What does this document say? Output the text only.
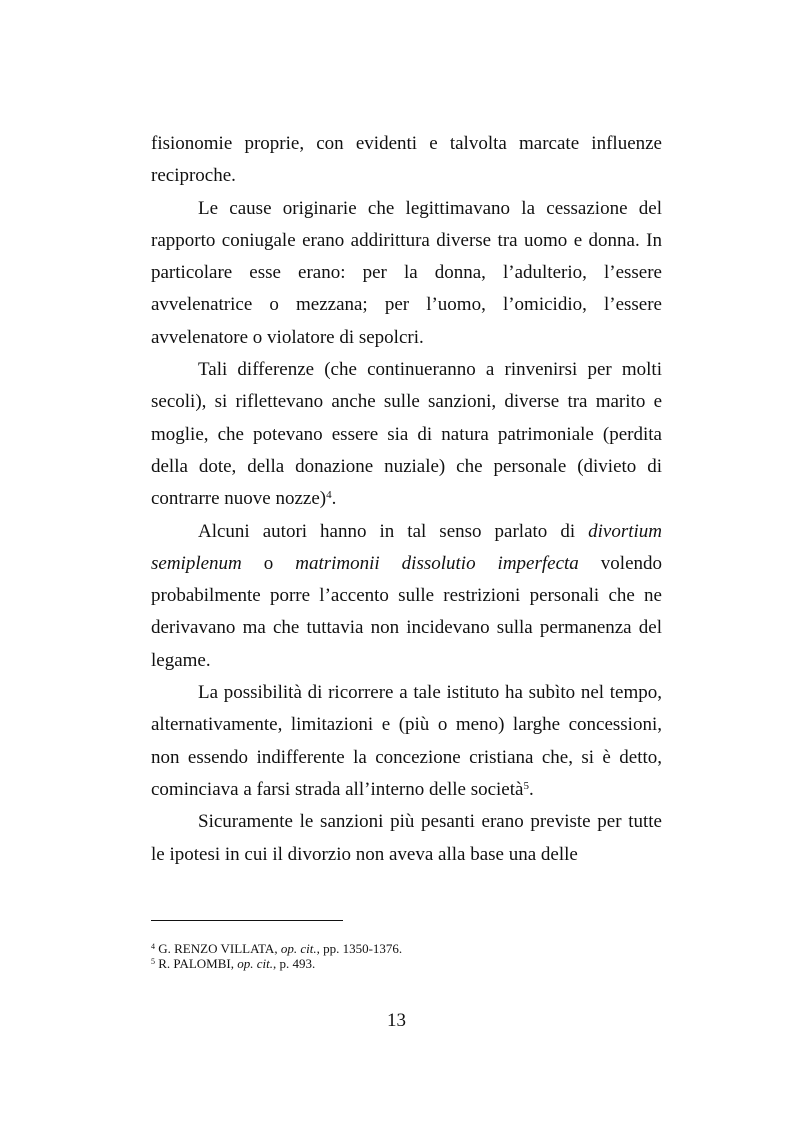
fisionomie proprie, con evidenti e talvolta marcate influenze reciproche.

Le cause originarie che legittimavano la cessazione del rapporto coniugale erano addirittura diverse tra uomo e donna. In particolare esse erano: per la donna, l’adulterio, l’essere avvelenatrice o mezzana; per l’uomo, l’omicidio, l’essere avvelenatore o violatore di sepolcri.

Tali differenze (che continueranno a rinvenirsi per molti secoli), si riflettevano anche sulle sanzioni, diverse tra marito e moglie, che potevano essere sia di natura patrimoniale (perdita della dote, della donazione nuziale) che personale (divieto di contrarre nuove nozze)$^4$.

Alcuni autori hanno in tal senso parlato di divortium semiplenum o matrimonii dissolutio imperfecta volendo probabilmente porre l’accento sulle restrizioni personali che ne derivavano ma che tuttavia non incidevano sulla permanenza del legame.

La possibilità di ricorrere a tale istituto ha subìto nel tempo, alternativamente, limitazioni e (più o meno) larghe concessioni, non essendo indifferente la concezione cristiana che, si è detto, cominciava a farsi strada all’interno delle società$^5$.

Sicuramente le sanzioni più pesanti erano previste per tutte le ipotesi in cui il divorzio non aveva alla base una delle

$^4$ G. RENZO VILLATA, op. cit., pp. 1350-1376.

$^5$ R. PALOMBI, op. cit., p. 493.

13
